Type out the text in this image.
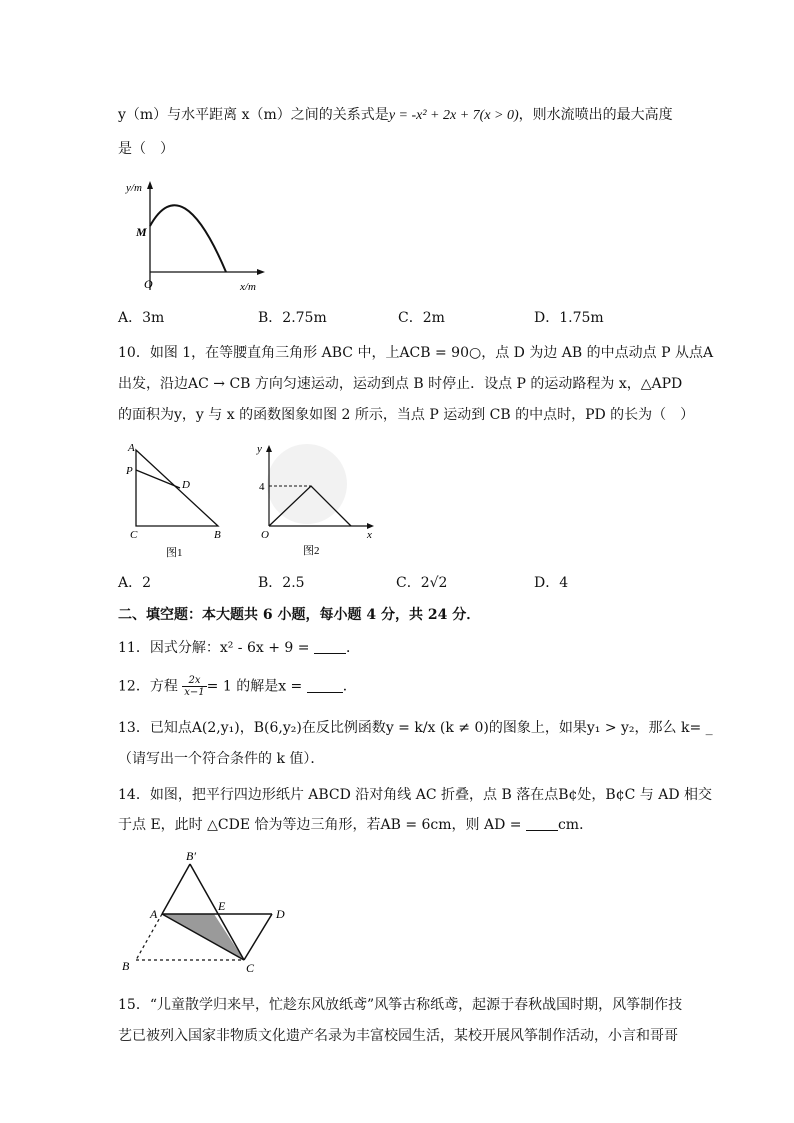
y（m）与水平距离 x（m）之间的关系式是y = -x² + 2x + 7(x > 0)，则水流喷出的最大高度
是（　）
y/m
M
O	x/m
A．3m	B．2.75m	C．2m	D．1.75m
10．如图 1，在等腰直角三角形 ABC 中，上ACB = 90○，点 D 为边 AB 的中点动点 P 从点A
出发，沿边AC → CB 方向匀速运动，运动到点 B 时停止．设点 P 的运动路程为 x，△APD
的面积为y，y 与 x 的函数图象如图 2 所示，当点 P 运动到 CB 的中点时，PD 的长为（　）
A
P
D
C	B
图1
y
4
O	x
图2
A．2	B．2.5	C．2√2	D．4
二、填空题：本大题共 6 小题，每小题 4 分，共 24 分．
11．因式分解：x² - 6x + 9 =	．
12．方程 $\frac{2x}{x-1} = 1$ 的解是x =	．
13．已知点A(2,y₁)，B(6,y₂)在反比例函数y = k/x (k ≠ 0)的图象上，如果y₁ > y₂，那么 k= _
（请写出一个符合条件的 k 值）．
14．如图，把平行四边形纸片 ABCD 沿对角线 AC 折叠，点 B 落在点B¢处，B¢C 与 AD 相交
于点 E，此时 △CDE 恰为等边三角形，若AB = 6cm，则 AD =	cm．
B′
A
E
D
B	C
15．“儿童散学归来早，忙趁东风放纸鸢”风筝古称纸鸢，起源于春秋战国时期，风筝制作技
艺已被列入国家非物质文化遗产名录为丰富校园生活，某校开展风筝制作活动，小言和哥哥
